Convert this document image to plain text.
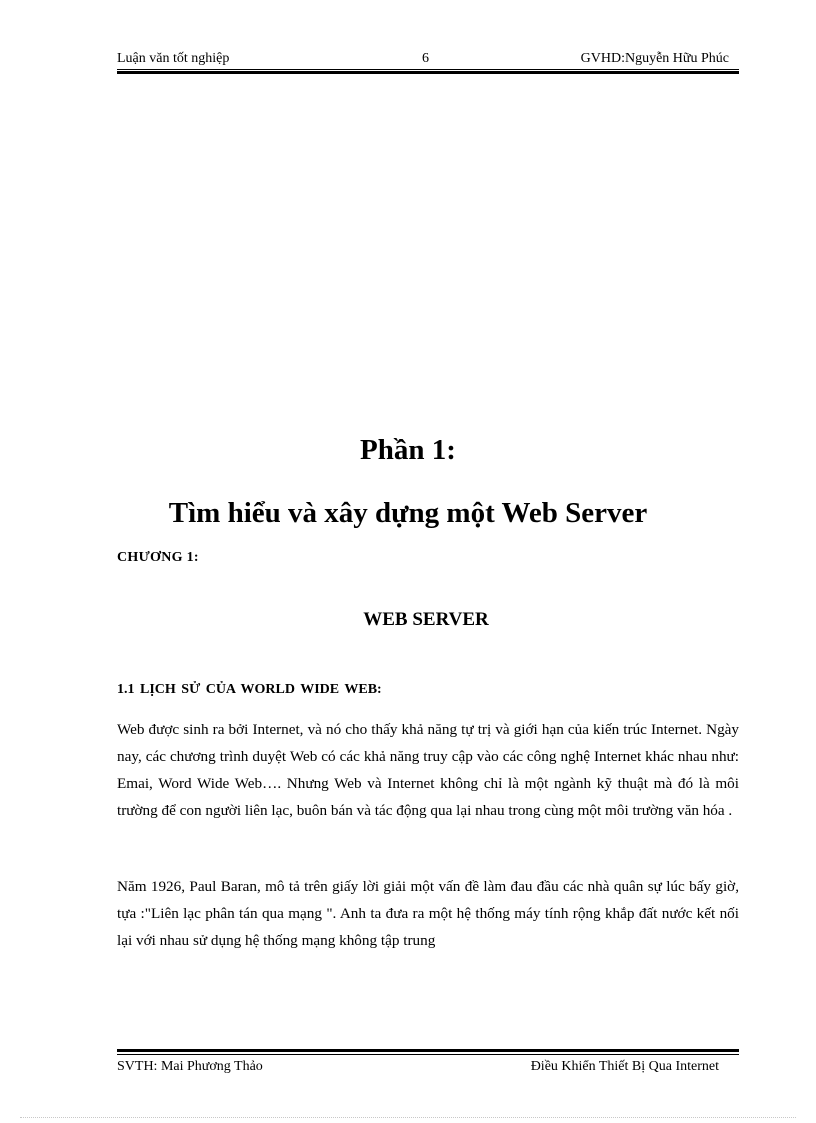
Luận văn tốt nghiệp	6	GVHD:Nguyễn Hữu Phúc
Phần 1:
Tìm hiểu và xây dựng một Web Server
CHƯƠNG 1:
WEB SERVER
1.1 LỊCH SỬ CỦA WORLD WIDE WEB:

Web được sinh ra bởi Internet, và nó cho thấy khả năng tự trị và giới hạn của kiến trúc Internet. Ngày nay, các chương trình duyệt Web có các khả năng truy cập vào các công nghệ Internet khác nhau như: Emai, Word Wide Web…. Nhưng Web và Internet không chỉ là một ngành kỹ thuật mà đó là môi trường để con người liên lạc, buôn bán và tác động qua lại nhau trong cùng một môi trường văn hóa .

Năm 1926, Paul Baran, mô tả trên giấy lời giải một vấn đề làm đau đầu các nhà quân sự lúc bấy giờ, tựa :"Liên lạc phân tán qua mạng ". Anh ta đưa ra một hệ thống máy tính rộng khắp đất nước kết nối lại với nhau sử dụng hệ thống mạng không tập trung

SVTH: Mai Phương Thảo	Điều Khiển Thiết Bị Qua Internet
